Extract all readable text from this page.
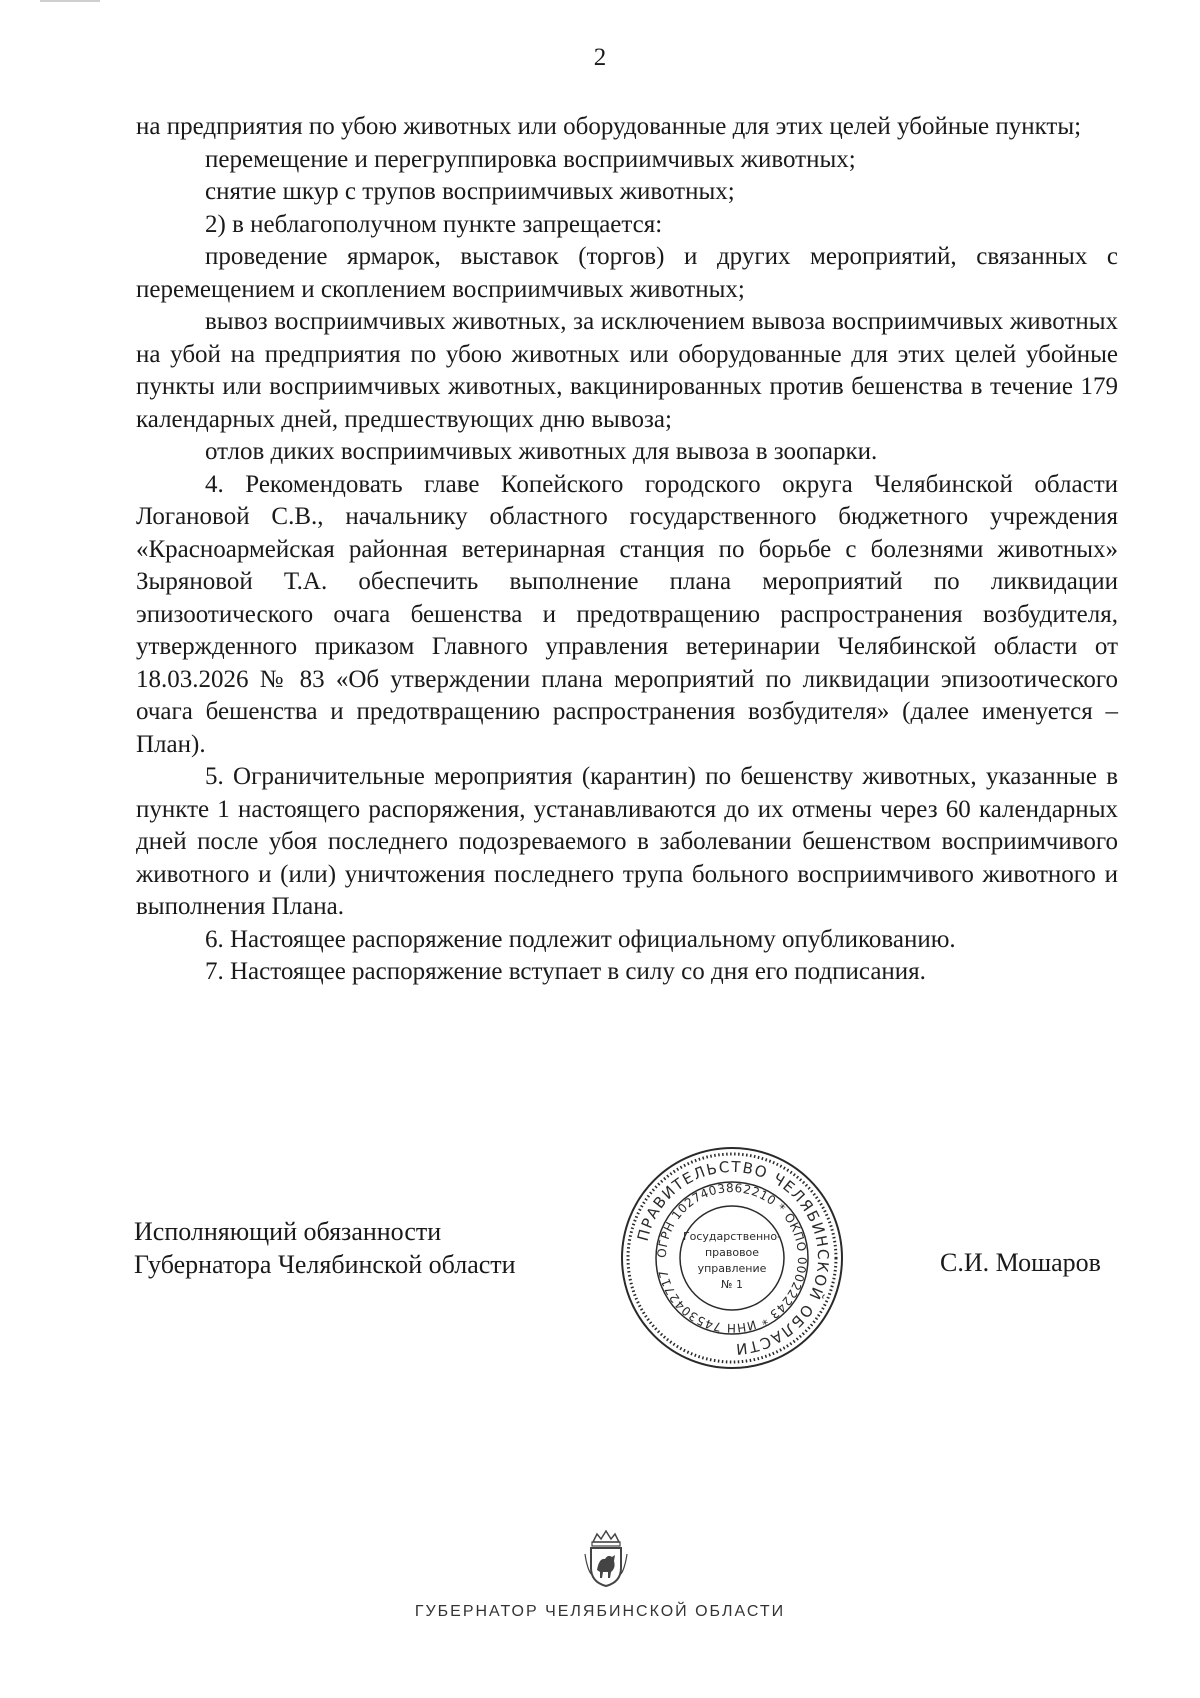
2

на предприятия по убою животных или оборудованные для этих целей убойные пункты;

перемещение и перегруппировка восприимчивых животных;

снятие шкур с трупов восприимчивых животных;

2) в неблагополучном пункте запрещается:

проведение ярмарок, выставок (торгов) и других мероприятий, связанных с перемещением и скоплением восприимчивых животных;

вывоз восприимчивых животных, за исключением вывоза восприимчивых животных на убой на предприятия по убою животных или оборудованные для этих целей убойные пункты или восприимчивых животных, вакцинированных против бешенства в течение 179 календарных дней, предшествующих дню вывоза;

отлов диких восприимчивых животных для вывоза в зоопарки.

4. Рекомендовать главе Копейского городского округа Челябинской области Логановой С.В., начальнику областного государственного бюджетного учреждения «Красноармейская районная ветеринарная станция по борьбе с болезнями животных» Зыряновой Т.А. обеспечить выполнение плана мероприятий по ликвидации эпизоотического очага бешенства и предотвращению распространения возбудителя, утвержденного приказом Главного управления ветеринарии Челябинской области от 18.03.2026 № 83 «Об утверждении плана мероприятий по ликвидации эпизоотического очага бешенства и предотвращению распространения возбудителя» (далее именуется – План).

5. Ограничительные мероприятия (карантин) по бешенству животных, указанные в пункте 1 настоящего распоряжения, устанавливаются до их отмены через 60 календарных дней после убоя последнего подозреваемого в заболевании бешенством восприимчивого животного и (или) уничтожения последнего трупа больного восприимчивого животного и выполнения Плана.

6. Настоящее распоряжение подлежит официальному опубликованию.

7. Настоящее распоряжение вступает в силу со дня его подписания.

Исполняющий обязанности
Губернатора Челябинской области
ПРАВИТЕЛЬСТВО ЧЕЛЯБИНСКОЙ ОБЛАСТИ
ОГРН 1027403862210 * ОКПО 00022243 * ИНН 7453042717
Государственно-
правовое
управление
№ 1
С.И. Мошаров
ГУБЕРНАТОР ЧЕЛЯБИНСКОЙ ОБЛАСТИ
